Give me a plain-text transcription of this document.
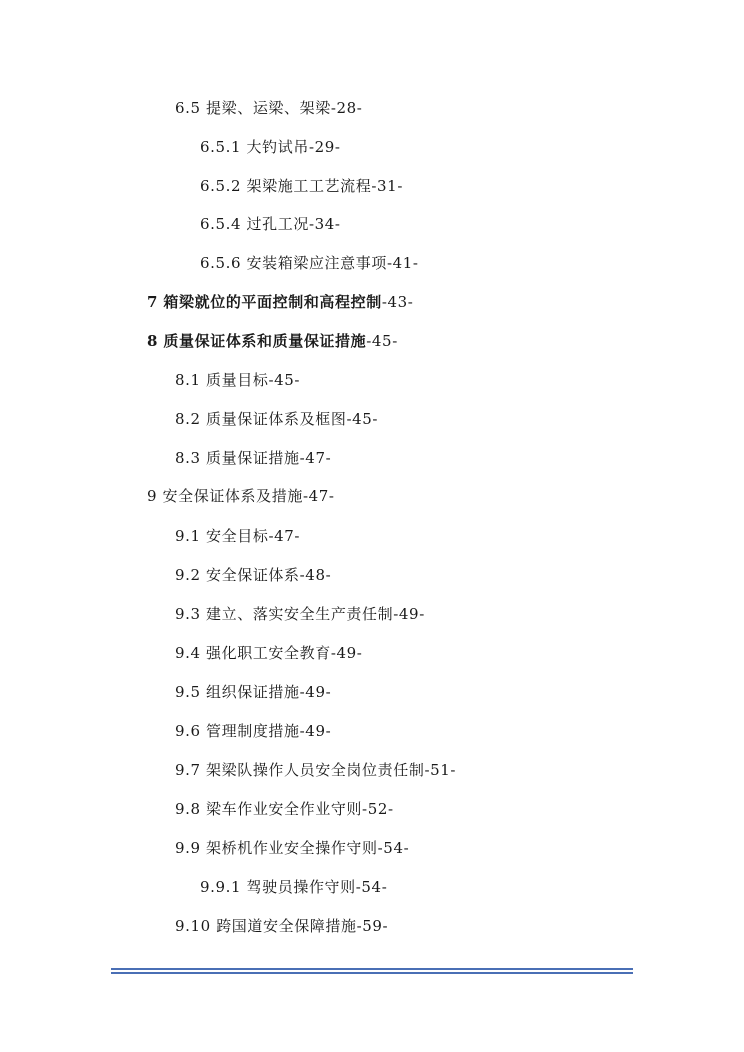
6.5 提梁、运梁、架梁-28-
6.5.1 大钓试吊-29-
6.5.2 架梁施工工艺流程-31-
6.5.4 过孔工况-34-
6.5.6 安装箱梁应注意事项-41-
7 箱梁就位的平面控制和高程控制-43-
8 质量保证体系和质量保证措施-45-
8.1 质量目标-45-
8.2 质量保证体系及框图-45-
8.3 质量保证措施-47-
9 安全保证体系及措施-47-
9.1 安全目标-47-
9.2 安全保证体系-48-
9.3 建立、落实安全生产责任制-49-
9.4 强化职工安全教育-49-
9.5 组织保证措施-49-
9.6 管理制度措施-49-
9.7 架梁队操作人员安全岗位责任制-51-
9.8 梁车作业安全作业守则-52-
9.9 架桥机作业安全操作守则-54-
9.9.1 驾驶员操作守则-54-
9.10 跨国道安全保障措施-59-
